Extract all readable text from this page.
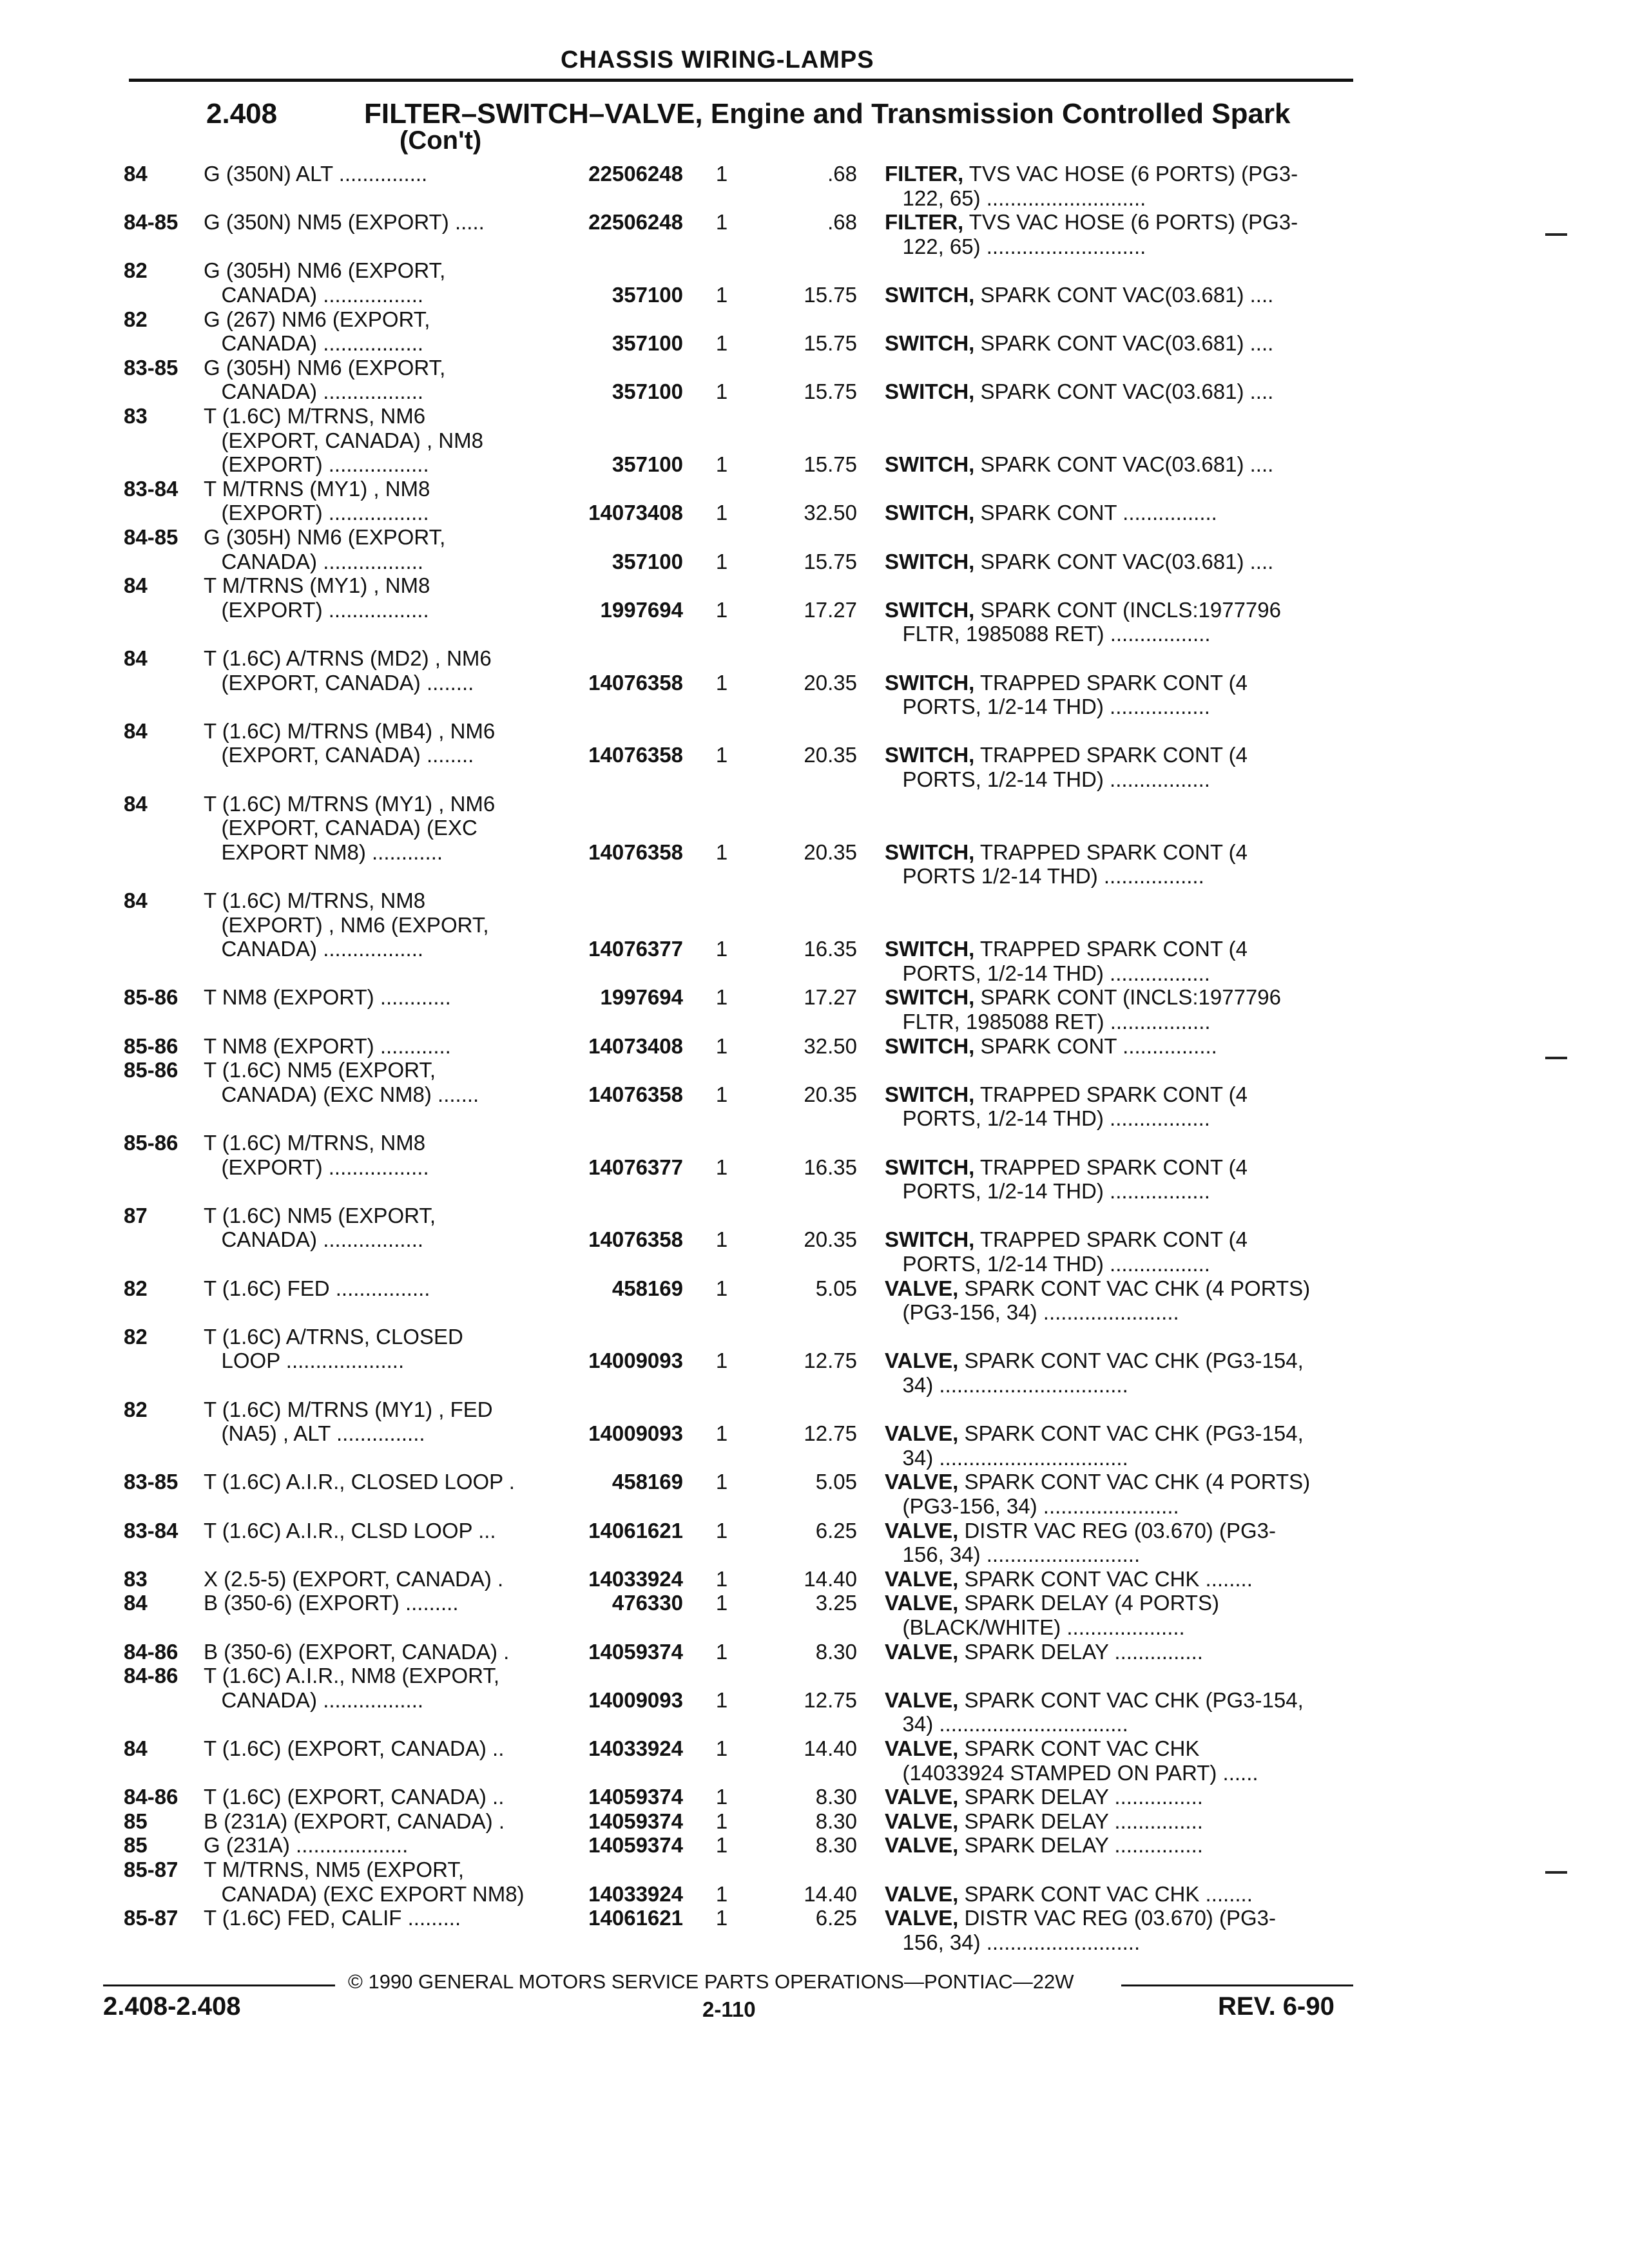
CHASSIS WIRING-LAMPS
2.408	FILTER–SWITCH–VALVE, Engine and Transmission Controlled Spark
(Con't)
84	G (350N) ALT ...............	22506248	1	.68 FILTER, TVS VAC HOSE (6 PORTS) (PG3-
122, 65) ...........................
84-85	G (350N) NM5 (EXPORT) .....	22506248	1	.68 FILTER, TVS VAC HOSE (6 PORTS) (PG3-
122, 65) ...........................
82	G (305H) NM6 (EXPORT,
CANADA) .................	357100	1	15.75 SWITCH, SPARK CONT VAC(03.681) ....
82	G (267) NM6 (EXPORT,
CANADA) .................	357100	1	15.75 SWITCH, SPARK CONT VAC(03.681) ....
83-85	G (305H) NM6 (EXPORT,
CANADA) .................	357100	1	15.75 SWITCH, SPARK CONT VAC(03.681) ....
83	T (1.6C) M/TRNS, NM6
(EXPORT, CANADA) , NM8
(EXPORT) .................	357100	1	15.75 SWITCH, SPARK CONT VAC(03.681) ....
83-84	T M/TRNS (MY1) , NM8
(EXPORT) .................	14073408	1	32.50 SWITCH, SPARK CONT ................
84-85	G (305H) NM6 (EXPORT,
CANADA) .................	357100	1	15.75 SWITCH, SPARK CONT VAC(03.681) ....
84	T M/TRNS (MY1) , NM8
(EXPORT) .................	1997694	1	17.27 SWITCH, SPARK CONT (INCLS:1977796
FLTR, 1985088 RET) .................
84	T (1.6C) A/TRNS (MD2) , NM6
(EXPORT, CANADA) ........	14076358	1	20.35 SWITCH, TRAPPED SPARK CONT (4
PORTS, 1/2-14 THD) .................
84	T (1.6C) M/TRNS (MB4) , NM6
(EXPORT, CANADA) ........	14076358	1	20.35 SWITCH, TRAPPED SPARK CONT (4
PORTS, 1/2-14 THD) .................
84	T (1.6C) M/TRNS (MY1) , NM6
(EXPORT, CANADA) (EXC
EXPORT NM8) ............	14076358	1	20.35 SWITCH, TRAPPED SPARK CONT (4
PORTS 1/2-14 THD) .................
84	T (1.6C) M/TRNS, NM8
(EXPORT) , NM6 (EXPORT,
CANADA) .................	14076377	1	16.35 SWITCH, TRAPPED SPARK CONT (4
PORTS, 1/2-14 THD) .................
85-86	T NM8 (EXPORT) ............	1997694	1	17.27 SWITCH, SPARK CONT (INCLS:1977796
FLTR, 1985088 RET) .................
85-86	T NM8 (EXPORT) ............	14073408	1	32.50 SWITCH, SPARK CONT ................
85-86	T (1.6C) NM5 (EXPORT,
CANADA) (EXC NM8) .......	14076358	1	20.35 SWITCH, TRAPPED SPARK CONT (4
PORTS, 1/2-14 THD) .................
85-86	T (1.6C) M/TRNS, NM8
(EXPORT) .................	14076377	1	16.35 SWITCH, TRAPPED SPARK CONT (4
PORTS, 1/2-14 THD) .................
87	T (1.6C) NM5 (EXPORT,
CANADA) .................	14076358	1	20.35 SWITCH, TRAPPED SPARK CONT (4
PORTS, 1/2-14 THD) .................
82	T (1.6C) FED ................	458169	1	5.05 VALVE, SPARK CONT VAC CHK (4 PORTS)
(PG3-156, 34) .......................
82	T (1.6C) A/TRNS, CLOSED
LOOP ....................	14009093	1	12.75 VALVE, SPARK CONT VAC CHK (PG3-154,
34) ................................
82	T (1.6C) M/TRNS (MY1) , FED
(NA5) , ALT ...............	14009093	1	12.75 VALVE, SPARK CONT VAC CHK (PG3-154,
34) ................................
83-85	T (1.6C) A.I.R., CLOSED LOOP .	458169	1	5.05 VALVE, SPARK CONT VAC CHK (4 PORTS)
(PG3-156, 34) .......................
83-84	T (1.6C) A.I.R., CLSD LOOP ...	14061621	1	6.25 VALVE, DISTR VAC REG (03.670) (PG3-
156, 34) ..........................
83	X (2.5-5) (EXPORT, CANADA) .	14033924	1	14.40 VALVE, SPARK CONT VAC CHK ........
84	B (350-6) (EXPORT) .........	476330	1	3.25 VALVE, SPARK DELAY (4 PORTS)
(BLACK/WHITE) ....................
84-86	B (350-6) (EXPORT, CANADA) .	14059374	1	8.30 VALVE, SPARK DELAY ...............
84-86	T (1.6C) A.I.R., NM8 (EXPORT,
CANADA) .................	14009093	1	12.75 VALVE, SPARK CONT VAC CHK (PG3-154,
34) ................................
84	T (1.6C) (EXPORT, CANADA) ..	14033924	1	14.40 VALVE, SPARK CONT VAC CHK
(14033924 STAMPED ON PART) ......
84-86	T (1.6C) (EXPORT, CANADA) ..	14059374	1	8.30 VALVE, SPARK DELAY ...............
85	B (231A) (EXPORT, CANADA) .	14059374	1	8.30 VALVE, SPARK DELAY ...............
85	G (231A) ...................	14059374	1	8.30 VALVE, SPARK DELAY ...............
85-87	T M/TRNS, NM5 (EXPORT,
CANADA) (EXC EXPORT NM8)	14033924	1	14.40 VALVE, SPARK CONT VAC CHK ........
85-87	T (1.6C) FED, CALIF .........	14061621	1	6.25 VALVE, DISTR VAC REG (03.670) (PG3-
156, 34) ..........................
© 1990 GENERAL MOTORS SERVICE PARTS OPERATIONS—PONTIAC—22W
2.408-2.408	2-110	REV. 6-90
